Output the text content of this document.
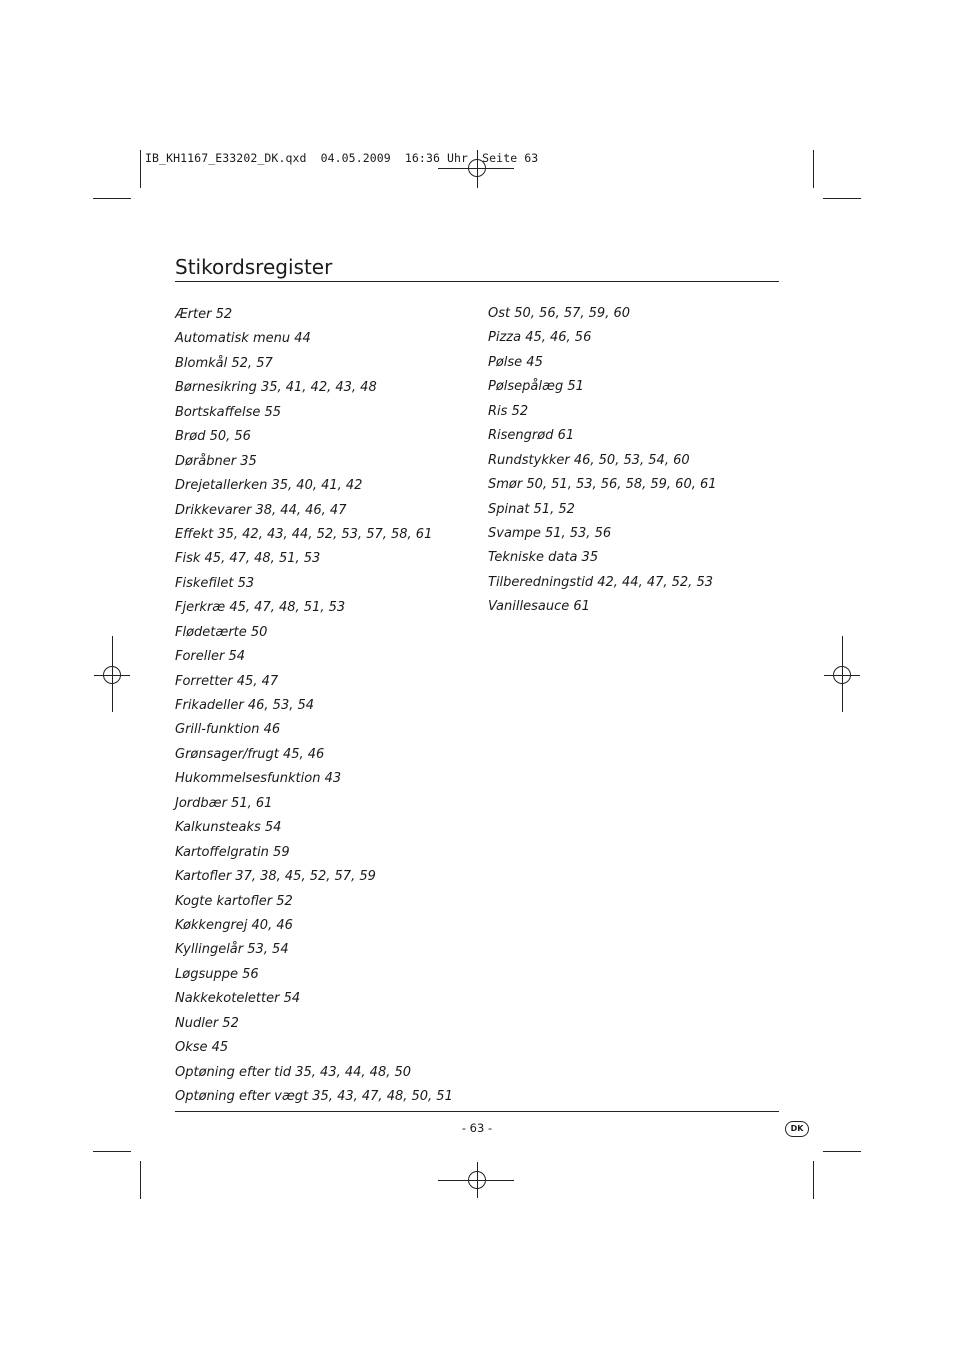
IB_KH1167_E33202_DK.qxd  04.05.2009  16:36 Uhr  Seite 63
Stikordsregister
Ærter 52
Automatisk menu 44
Blomkål 52, 57
Børnesikring 35, 41, 42, 43, 48
Bortskaffelse 55
Brød 50, 56
Døråbner 35
Drejetallerken 35, 40, 41, 42
Drikkevarer 38, 44, 46, 47
Effekt 35, 42, 43, 44, 52, 53, 57, 58, 61
Fisk 45, 47, 48, 51, 53
Fiskefilet 53
Fjerkræ 45, 47, 48, 51, 53
Flødetærte 50
Foreller 54
Forretter 45, 47
Frikadeller 46, 53, 54
Grill-funktion 46
Grønsager/frugt 45, 46
Hukommelsesfunktion 43
Jordbær 51, 61
Kalkunsteaks 54
Kartoffelgratin 59
Kartofler 37, 38, 45, 52, 57, 59
Kogte kartofler 52
Køkkengrej 40, 46
Kyllingelår 53, 54
Løgsuppe 56
Nakkekoteletter 54
Nudler 52
Okse 45
Optøning efter tid 35, 43, 44, 48, 50
Optøning efter vægt 35, 43, 47, 48, 50, 51
Ost 50, 56, 57, 59, 60
Pizza 45, 46, 56
Pølse 45
Pølsepålæg 51
Ris 52
Risengrød 61
Rundstykker 46, 50, 53, 54, 60
Smør 50, 51, 53, 56, 58, 59, 60, 61
Spinat 51, 52
Svampe 51, 53, 56
Tekniske data 35
Tilberedningstid 42, 44, 47, 52, 53
Vanillesauce 61
- 63 -	DK
